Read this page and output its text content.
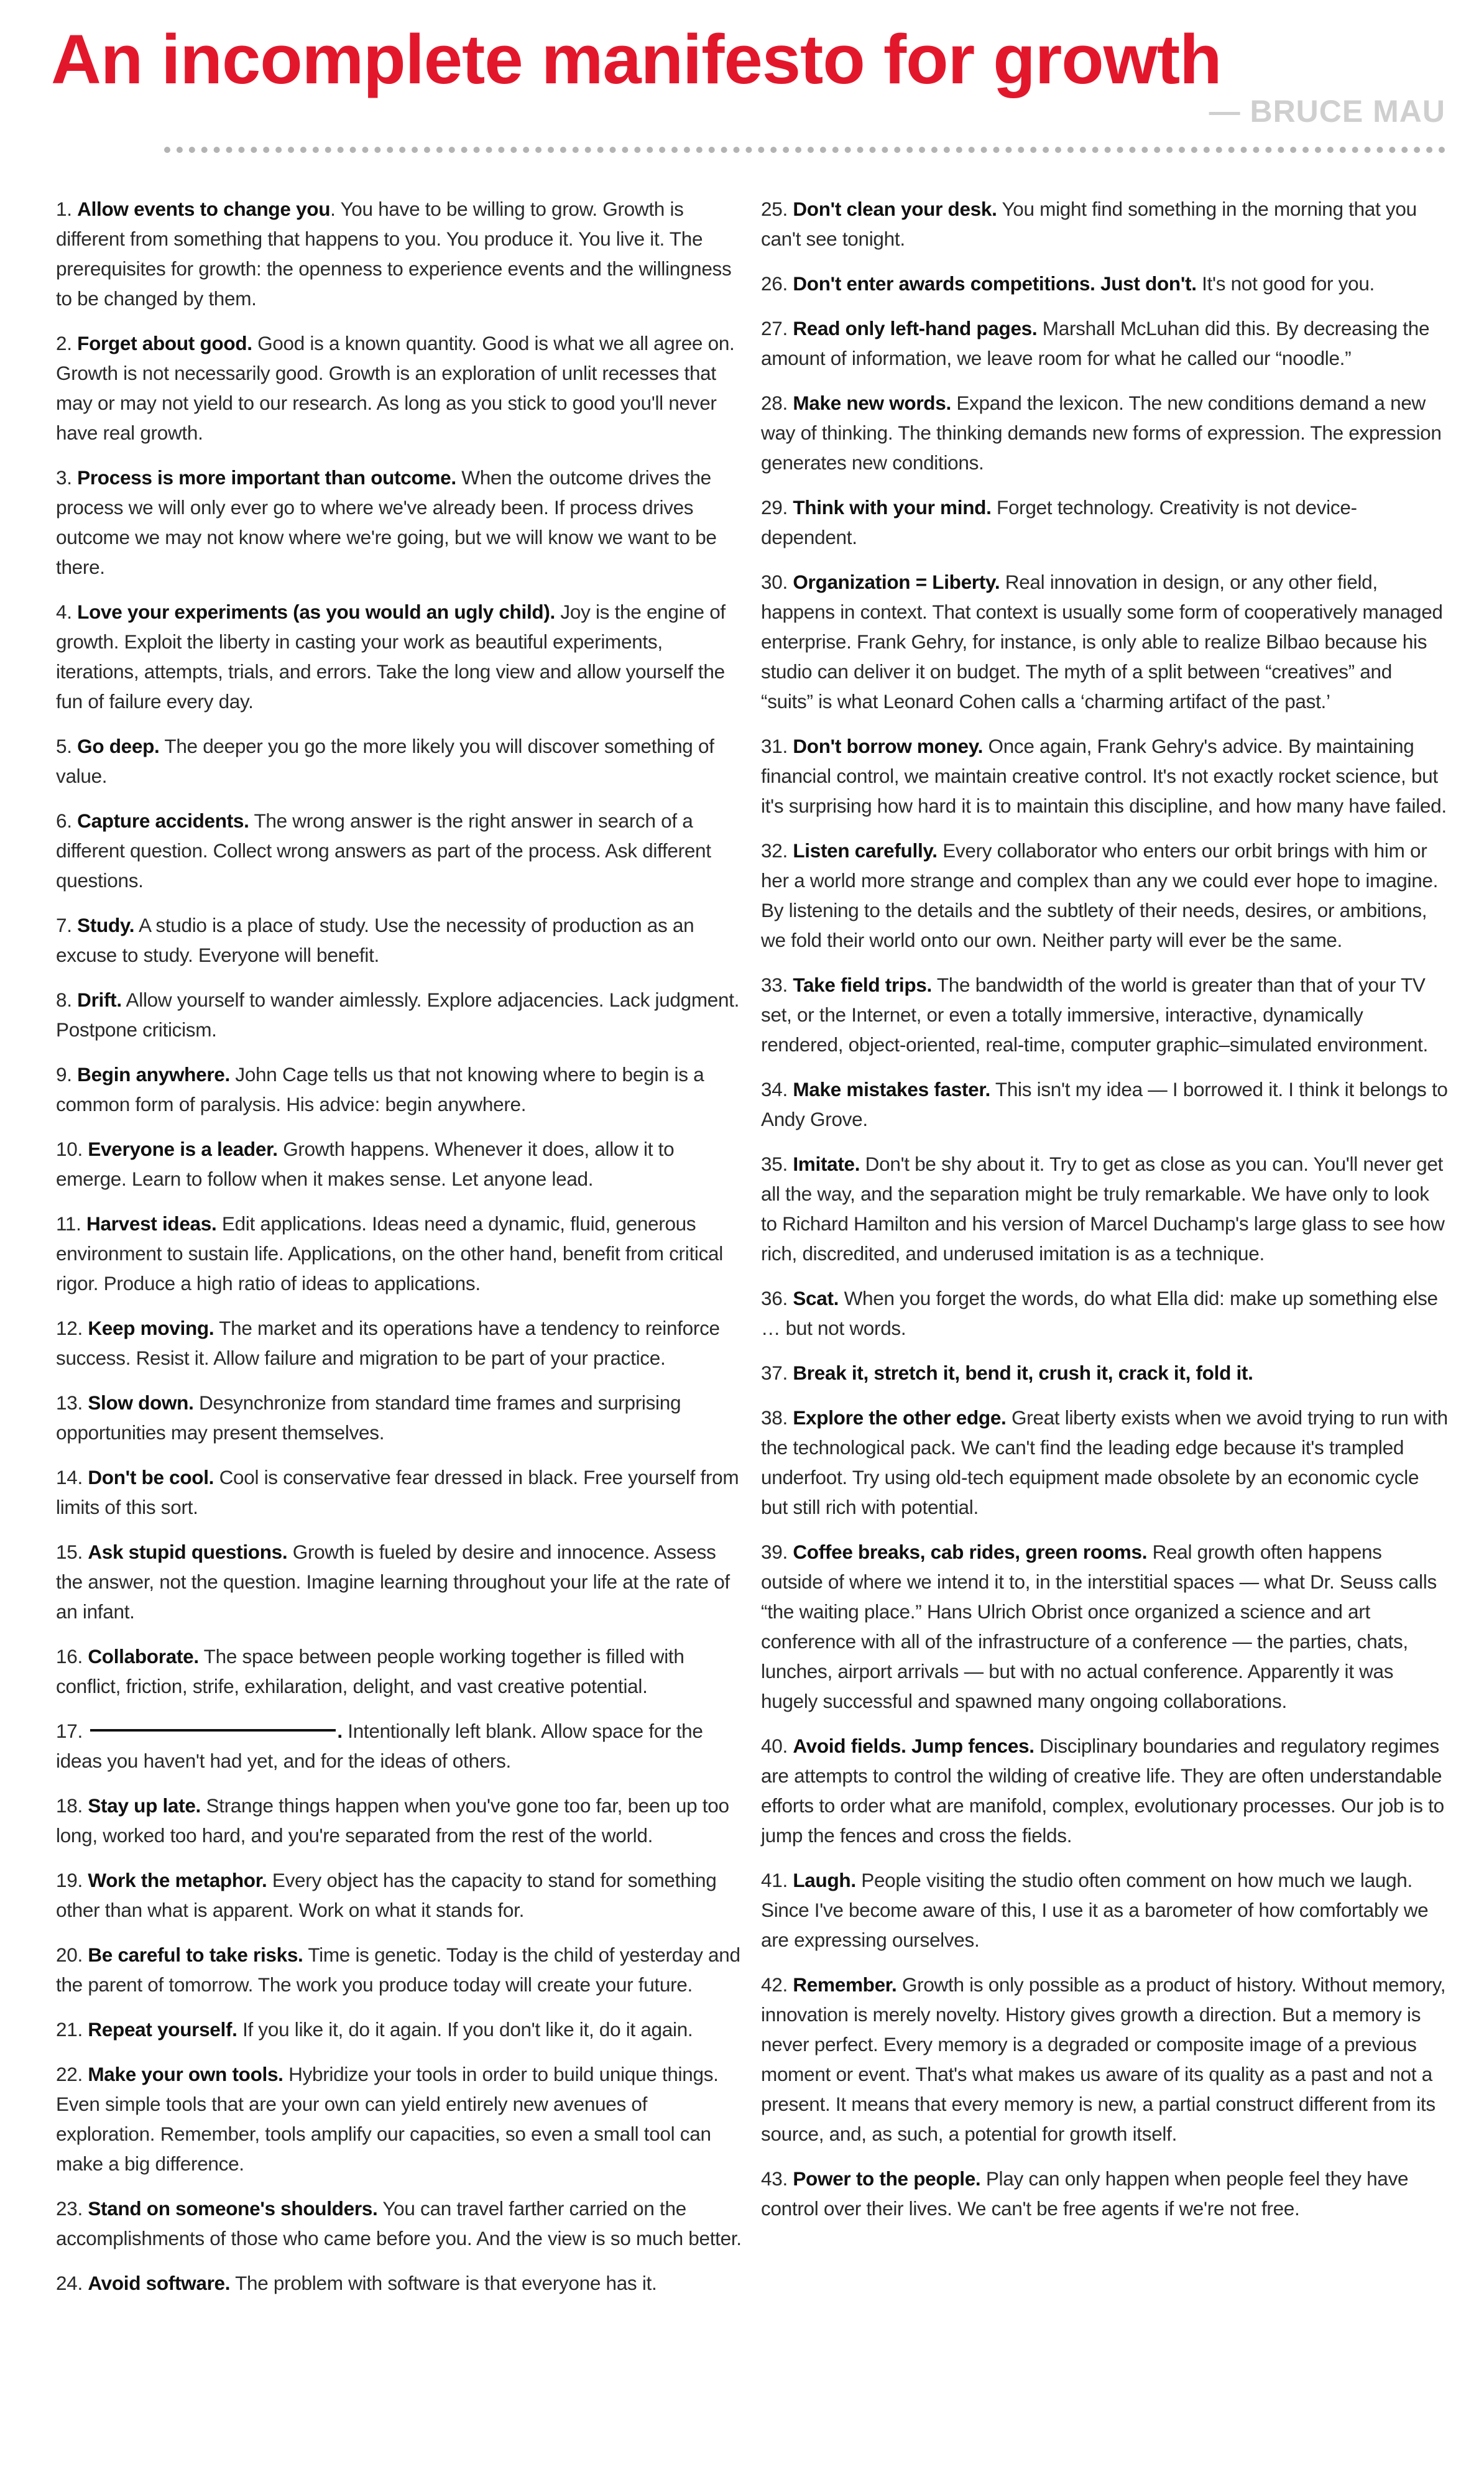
An incomplete manifesto for growth
— BRUCE MAU

1. Allow events to change you. You have to be willing to grow. Growth is different from something that happens to you. You produce it. You live it. The prerequisites for growth: the openness to experience events and the willingness to be changed by them.

2. Forget about good. Good is a known quantity. Good is what we all agree on. Growth is not necessarily good. Growth is an exploration of unlit recesses that may or may not yield to our research. As long as you stick to good you'll never have real growth.

3. Process is more important than outcome. When the outcome drives the process we will only ever go to where we've already been. If process drives outcome we may not know where we're going, but we will know we want to be there.

4. Love your experiments (as you would an ugly child). Joy is the engine of growth. Exploit the liberty in casting your work as beautiful experiments, iterations, attempts, trials, and errors. Take the long view and allow yourself the fun of failure every day.

5. Go deep. The deeper you go the more likely you will discover something of value.

6. Capture accidents. The wrong answer is the right answer in search of a different question. Collect wrong answers as part of the process. Ask different questions.

7. Study. A studio is a place of study. Use the necessity of production as an excuse to study. Everyone will benefit.

8. Drift. Allow yourself to wander aimlessly. Explore adjacencies. Lack judgment. Postpone criticism.

9. Begin anywhere. John Cage tells us that not knowing where to begin is a common form of paralysis. His advice: begin anywhere.

10. Everyone is a leader. Growth happens. Whenever it does, allow it to emerge. Learn to follow when it makes sense. Let anyone lead.

11. Harvest ideas. Edit applications. Ideas need a dynamic, fluid, generous environment to sustain life. Applications, on the other hand, benefit from critical rigor. Produce a high ratio of ideas to applications.

12. Keep moving. The market and its operations have a tendency to reinforce success. Resist it. Allow failure and migration to be part of your practice.

13. Slow down. Desynchronize from standard time frames and surprising opportunities may present themselves.

14. Don't be cool. Cool is conservative fear dressed in black. Free yourself from limits of this sort.

15. Ask stupid questions. Growth is fueled by desire and innocence. Assess the answer, not the question. Imagine learning throughout your life at the rate of an infant.

16. Collaborate. The space between people working together is filled with conflict, friction, strife, exhilaration, delight, and vast creative potential.

17.	. Intentionally left blank. Allow space for the ideas you haven't had yet, and for the ideas of others.

18. Stay up late. Strange things happen when you've gone too far, been up too long, worked too hard, and you're separated from the rest of the world.

19. Work the metaphor. Every object has the capacity to stand for something other than what is apparent. Work on what it stands for.

20. Be careful to take risks. Time is genetic. Today is the child of yesterday and the parent of tomorrow. The work you produce today will create your future.

21. Repeat yourself. If you like it, do it again. If you don't like it, do it again.

22. Make your own tools. Hybridize your tools in order to build unique things. Even simple tools that are your own can yield entirely new avenues of exploration. Remember, tools amplify our capacities, so even a small tool can make a big difference.

23. Stand on someone's shoulders. You can travel farther carried on the accomplishments of those who came before you. And the view is so much better.

24. Avoid software. The problem with software is that everyone has it.

25. Don't clean your desk. You might find something in the morning that you can't see tonight.

26. Don't enter awards competitions. Just don't. It's not good for you.

27. Read only left-hand pages. Marshall McLuhan did this. By decreasing the amount of information, we leave room for what he called our “noodle.”

28. Make new words. Expand the lexicon. The new conditions demand a new way of thinking. The thinking demands new forms of expression. The expression generates new conditions.

29. Think with your mind. Forget technology. Creativity is not device-dependent.

30. Organization = Liberty. Real innovation in design, or any other field, happens in context. That context is usually some form of cooperatively managed enterprise. Frank Gehry, for instance, is only able to realize Bilbao because his studio can deliver it on budget. The myth of a split between “creatives” and “suits” is what Leonard Cohen calls a ‘charming artifact of the past.’

31. Don't borrow money. Once again, Frank Gehry's advice. By maintaining financial control, we maintain creative control. It's not exactly rocket science, but it's surprising how hard it is to maintain this discipline, and how many have failed.

32. Listen carefully. Every collaborator who enters our orbit brings with him or her a world more strange and complex than any we could ever hope to imagine. By listening to the details and the subtlety of their needs, desires, or ambitions, we fold their world onto our own. Neither party will ever be the same.

33. Take field trips. The bandwidth of the world is greater than that of your TV set, or the Internet, or even a totally immersive, interactive, dynamically rendered, object-oriented, real-time, computer graphic–simulated environment.

34. Make mistakes faster. This isn't my idea — I borrowed it. I think it belongs to Andy Grove.

35. Imitate. Don't be shy about it. Try to get as close as you can. You'll never get all the way, and the separation might be truly remarkable. We have only to look to Richard Hamilton and his version of Marcel Duchamp's large glass to see how rich, discredited, and underused imitation is as a technique.

36. Scat. When you forget the words, do what Ella did: make up something else … but not words.

37. Break it, stretch it, bend it, crush it, crack it, fold it.

38. Explore the other edge. Great liberty exists when we avoid trying to run with the technological pack. We can't find the leading edge because it's trampled underfoot. Try using old-tech equipment made obsolete by an economic cycle but still rich with potential.

39. Coffee breaks, cab rides, green rooms. Real growth often happens outside of where we intend it to, in the interstitial spaces — what Dr. Seuss calls “the waiting place.” Hans Ulrich Obrist once organized a science and art conference with all of the infrastructure of a conference — the parties, chats, lunches, airport arrivals — but with no actual conference. Apparently it was hugely successful and spawned many ongoing collaborations.

40. Avoid fields. Jump fences. Disciplinary boundaries and regulatory regimes are attempts to control the wilding of creative life. They are often understandable efforts to order what are manifold, complex, evolutionary processes. Our job is to jump the fences and cross the fields.

41. Laugh. People visiting the studio often comment on how much we laugh. Since I've become aware of this, I use it as a barometer of how comfortably we are expressing ourselves.

42. Remember. Growth is only possible as a product of history. Without memory, innovation is merely novelty. History gives growth a direction. But a memory is never perfect. Every memory is a degraded or composite image of a previous moment or event. That's what makes us aware of its quality as a past and not a present. It means that every memory is new, a partial construct different from its source, and, as such, a potential for growth itself.

43. Power to the people. Play can only happen when people feel they have control over their lives. We can't be free agents if we're not free.
